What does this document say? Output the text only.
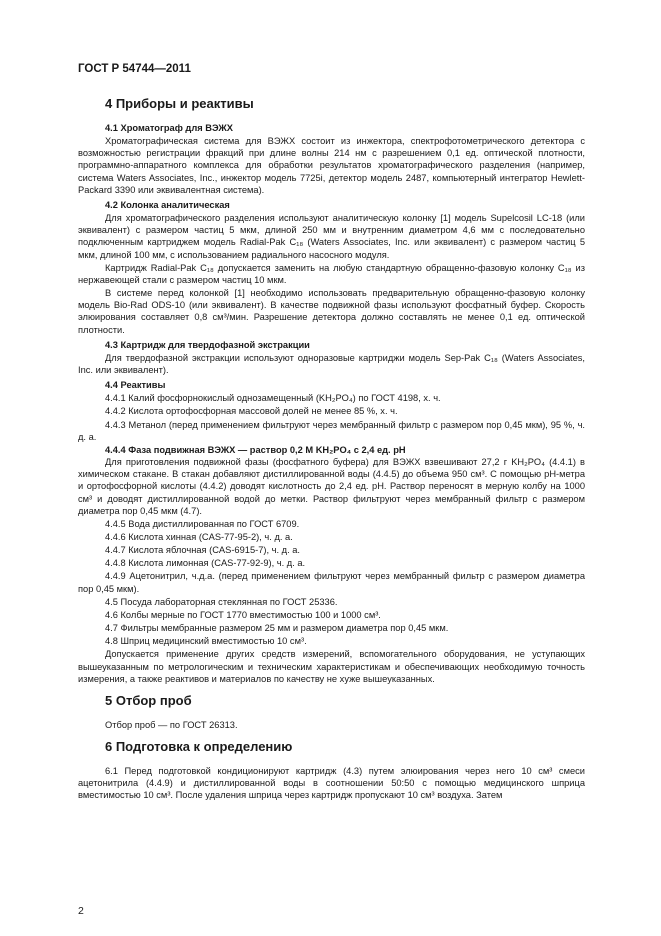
ГОСТ Р 54744—2011
4 Приборы и реактивы
4.1 Хроматограф для ВЭЖХ

Хроматографическая система для ВЭЖХ состоит из инжектора, спектрофотометрического детектора с возможностью регистрации фракций при длине волны 214 нм с разрешением 0,1 ед. оптической плотности, программно-аппаратного комплекса для обработки результатов хроматографического разделения (например, система Waters Associates, Inc., инжектор модель 7725i, детектор модель 2487, компьютерный интегратор Hewlett-Packard 3390 или эквивалентная система).

4.2 Колонка аналитическая

Для хроматографического разделения используют аналитическую колонку [1] модель Supelcosil LC-18 (или эквивалент) с размером частиц 5 мкм, длиной 250 мм и внутренним диаметром 4,6 мм с последовательно подключенным картриджем модель Radial-Pak C₁₈ (Waters Associates, Inc. или эквивалент) с размером частиц 5 мкм, длиной 100 мм, с использованием радиального насосного модуля.

Картридж Radial-Pak C₁₈ допускается заменить на любую стандартную обращенно-фазовую колонку C₁₈ из нержавеющей стали с размером частиц 10 мкм.

В системе перед колонкой [1] необходимо использовать предварительную обращенно-фазовую колонку модель Bio-Rad ODS-10 (или эквивалент). В качестве подвижной фазы используют фосфатный буфер. Скорость элюирования составляет 0,8 см³/мин. Разрешение детектора должно составлять не менее 0,1 ед. оптической плотности.

4.3 Картридж для твердофазной экстракции

Для твердофазной экстракции используют одноразовые картриджи модель Sep-Pak C₁₈ (Waters Associates, Inc. или эквивалент).

4.4 Реактивы

4.4.1 Калий фосфорнокислый однозамещенный (KH₂PO₄) по ГОСТ 4198, х. ч.

4.4.2 Кислота ортофосфорная массовой долей не менее 85 %, х. ч.

4.4.3 Метанол (перед применением фильтруют через мембранный фильтр с размером пор 0,45 мкм), 95 %, ч. д. а.

4.4.4 Фаза подвижная ВЭЖХ — раствор 0,2 M KH₂PO₄ с 2,4 ед. pH

Для приготовления подвижной фазы (фосфатного буфера) для ВЭЖХ взвешивают 27,2 г KH₂PO₄ (4.4.1) в химическом стакане. В стакан добавляют дистиллированной воды (4.4.5) до объема 950 см³. С помощью pH-метра и ортофосфорной кислоты (4.4.2) доводят кислотность до 2,4 ед. pH. Раствор переносят в мерную колбу на 1000 см³ и доводят дистиллированной водой до метки. Раствор фильтруют через мембранный фильтр с размером диаметра пор 0,45 мкм (4.7).

4.4.5 Вода дистиллированная по ГОСТ 6709.
4.4.6 Кислота хинная (CAS-77-95-2), ч. д. а.
4.4.7 Кислота яблочная (CAS-6915-7), ч. д. а.
4.4.8 Кислота лимонная (CAS-77-92-9), ч. д. а.

4.4.9 Ацетонитрил, ч.д.а. (перед применением фильтруют через мембранный фильтр с размером диаметра пор 0,45 мкм).

4.5 Посуда лабораторная стеклянная по ГОСТ 25336.
4.6 Колбы мерные по ГОСТ 1770 вместимостью 100 и 1000 см³.
4.7 Фильтры мембранные размером 25 мм и размером диаметра пор 0,45 мкм.
4.8 Шприц медицинский вместимостью 10 см³.

Допускается применение других средств измерений, вспомогательного оборудования, не уступающих вышеуказанным по метрологическим и техническим характеристикам и обеспечивающих необходимую точность измерения, а также реактивов и материалов по качеству не хуже вышеуказанных.

5 Отбор проб

Отбор проб — по ГОСТ 26313.

6 Подготовка к определению

6.1 Перед подготовкой кондиционируют картридж (4.3) путем элюирования через него 10 см³ смеси ацетонитрила (4.4.9) и дистиллированной воды в соотношении 50:50 с помощью медицинского шприца вместимостью 10 см³. После удаления шприца через картридж пропускают 10 см³ воздуха. Затем

2
